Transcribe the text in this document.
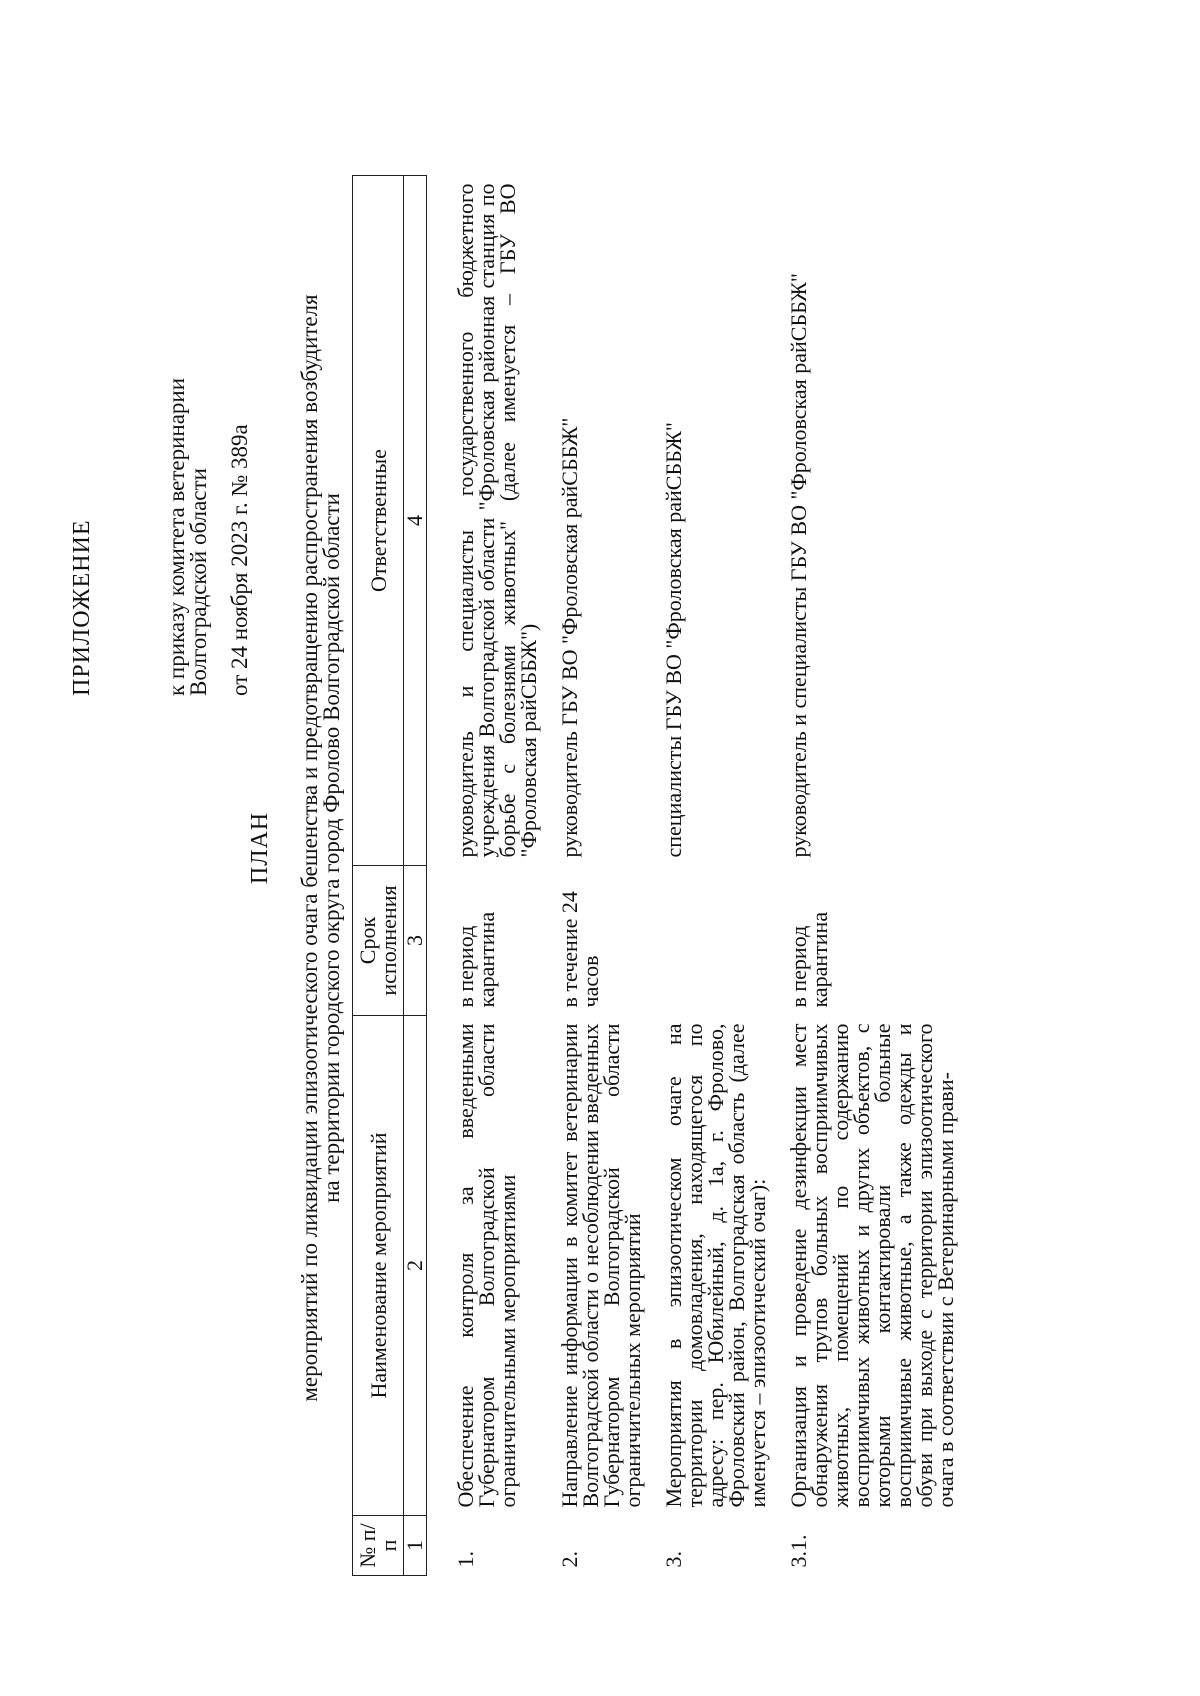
ПРИЛОЖЕНИЕ	к приказу комитета ветеринарии
Волгоградской области от 24 ноября 2023 г. № 389а
ПЛАН мероприятий по ликвидации эпизоотического очага бешенства и предотвращению распространения возбудителя
на территории городского округа город Фролово Волгоградской области
№ п/п	Наименование мероприятий	Срок исполнения	Ответственные
1	2	3	4
1.	Обеспечение контроля за введенными Губернатором Волгоградской области ограничительными мероприятиями	в период карантина	руководитель и специалисты государственного бюджетного учреждения Волгоградской области "Фроловская районная станция по борьбе с болезнями животных" (далее именуется – ГБУ ВО "Фроловская райСББЖ")
2.	Направление информации в комитет ветеринарии Волгоградской области о несоблюдении введенных Губернатором Волгоградской области ограничительных мероприятий	в течение 24 часов	руководитель ГБУ ВО "Фроловская райСББЖ"
3.	Мероприятия в эпизоотическом очаге на территории домовладения, находящегося по адресу: пер. Юбилейный, д. 1а, г. Фролово, Фроловский район, Волгоградская область (далее именуется – эпизоотический очаг):		специалисты ГБУ ВО "Фроловская райСББЖ"
3.1.	Организация и проведение дезинфекции мест обнаружения трупов больных восприимчивых животных, помещений по содержанию восприимчивых животных и других объектов, с которыми контактировали больные восприимчивые животные, а также одежды и обуви при выходе с территории эпизоотического очага в соответствии с Ветеринарными прави-	в период карантина	руководитель и специалисты ГБУ ВО "Фроловская райСББЖ"
